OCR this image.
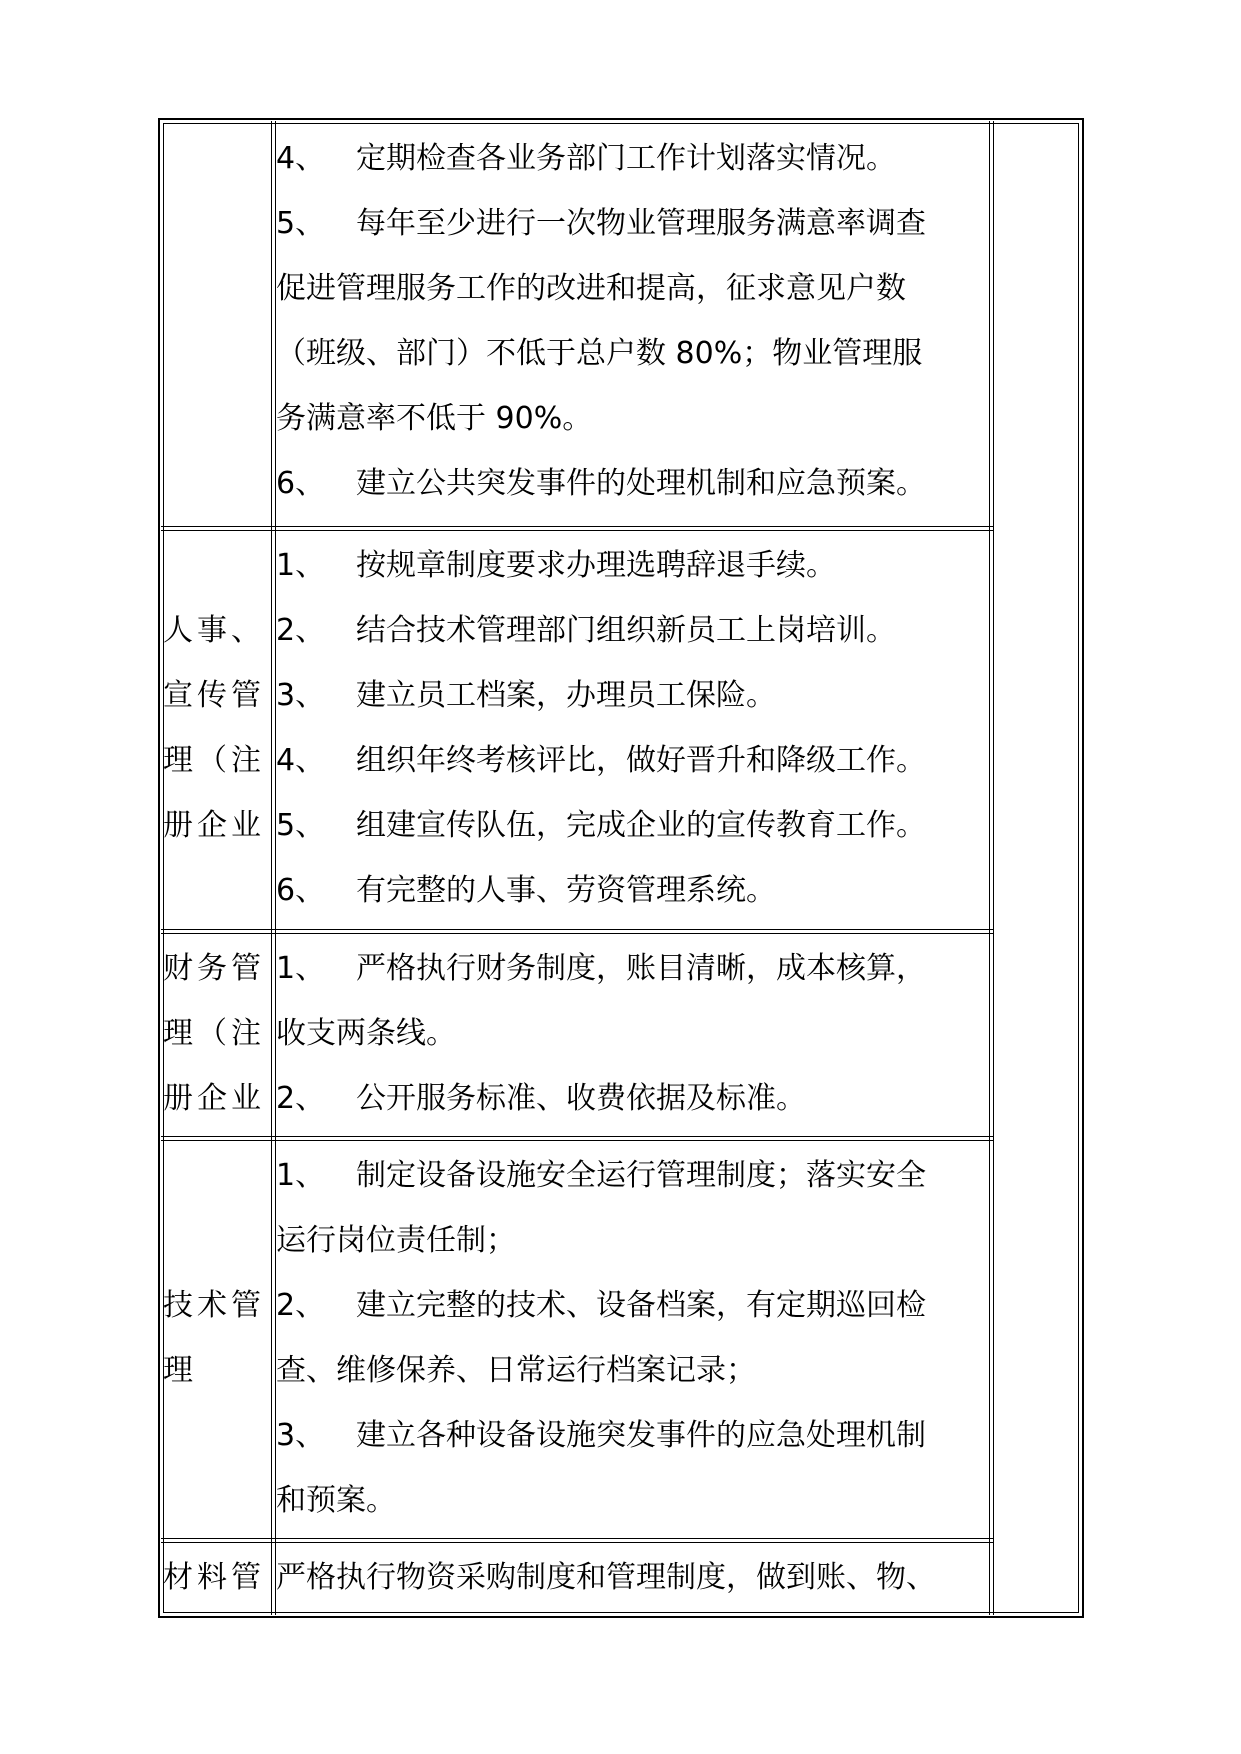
4、 定期检查各业务部门工作计划落实情况。
5、 每年至少进行一次物业管理服务满意率调查
促进管理服务工作的改进和提高，征求意见户数
（班级、部门）不低于总户数 80%；物业管理服
务满意率不低于 90%。
6、 建立公共突发事件的处理机制和应急预案。
人事、
宣传管
理（注
册企业
1、 按规章制度要求办理选聘辞退手续。
2、 结合技术管理部门组织新员工上岗培训。
3、 建立员工档案，办理员工保险。
4、 组织年终考核评比，做好晋升和降级工作。
5、 组建宣传队伍，完成企业的宣传教育工作。
6、 有完整的人事、劳资管理系统。
财务管
理（注
册企业
1、 严格执行财务制度，账目清晰，成本核算，
收支两条线。
2、 公开服务标准、收费依据及标准。
技术管
理
1、 制定设备设施安全运行管理制度；落实安全
运行岗位责任制；
2、 建立完整的技术、设备档案，有定期巡回检
查、维修保养、日常运行档案记录；
3、 建立各种设备设施突发事件的应急处理机制
和预案。
材料管 严格执行物资采购制度和管理制度，做到账、物、
